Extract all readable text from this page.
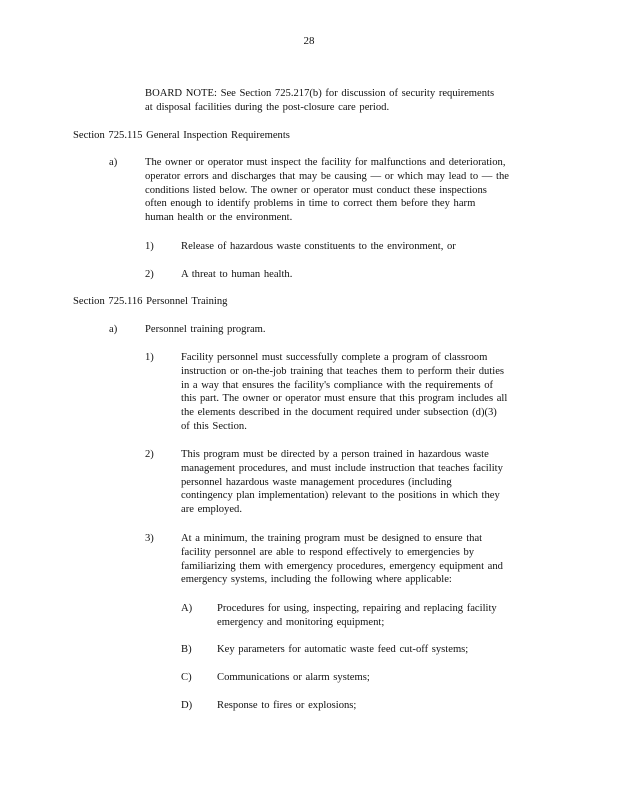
28
BOARD NOTE: See Section 725.217(b) for discussion of security requirements
at disposal facilities during the post-closure care period.
Section 725.115 General Inspection Requirements
a)	The owner or operator must inspect the facility for malfunctions and deterioration,
operator errors and discharges that may be causing — or which may lead to — the
conditions listed below. The owner or operator must conduct these inspections
often enough to identify problems in time to correct them before they harm
human health or the environment.
1)	Release of hazardous waste constituents to the environment, or
2)	A threat to human health.
Section 725.116 Personnel Training
a)	Personnel training program.
1)	Facility personnel must successfully complete a program of classroom
instruction or on-the-job training that teaches them to perform their duties
in a way that ensures the facility's compliance with the requirements of
this part. The owner or operator must ensure that this program includes all
the elements described in the document required under subsection (d)(3)
of this Section.
2)	This program must be directed by a person trained in hazardous waste
management procedures, and must include instruction that teaches facility
personnel hazardous waste management procedures (including
contingency plan implementation) relevant to the positions in which they
are employed.
3)	At a minimum, the training program must be designed to ensure that
facility personnel are able to respond effectively to emergencies by
familiarizing them with emergency procedures, emergency equipment and
emergency systems, including the following where applicable:
A) Procedures for using, inspecting, repairing and replacing facility
emergency and monitoring equipment;
B) Key parameters for automatic waste feed cut-off systems;
C) Communications or alarm systems;
D) Response to fires or explosions;
